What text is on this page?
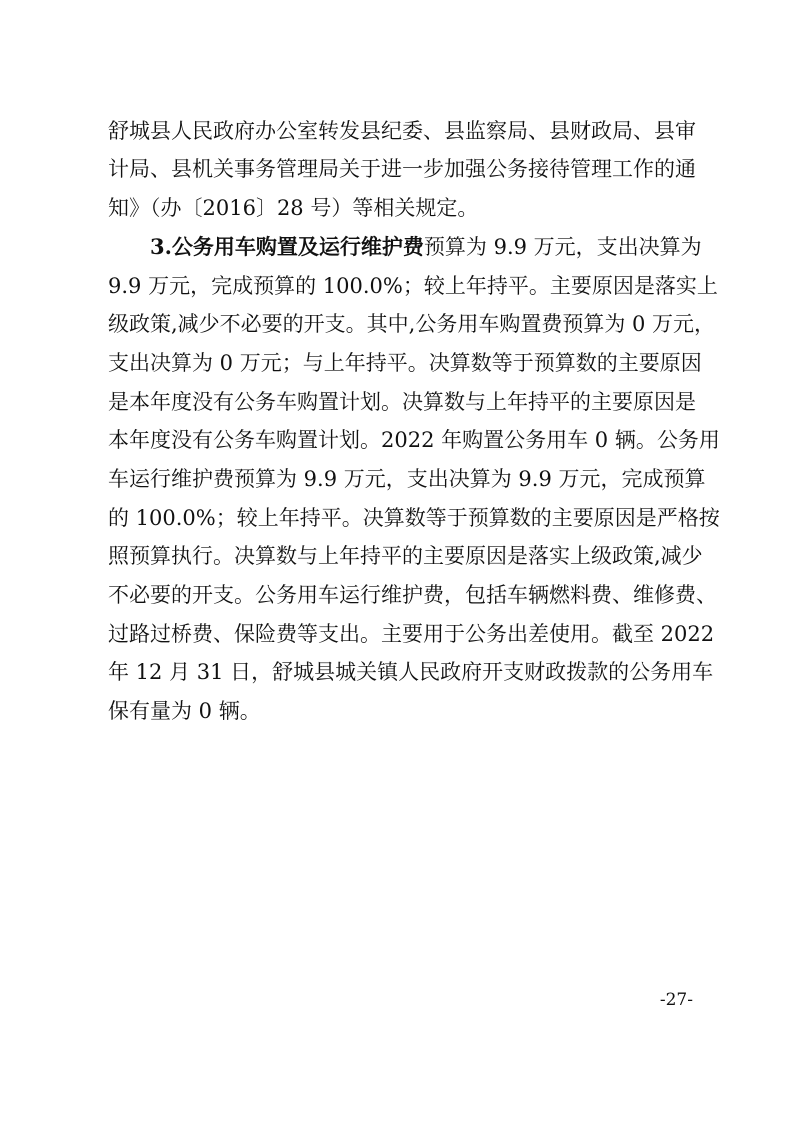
舒城县人民政府办公室转发县纪委、县监察局、县财政局、县审
计局、县机关事务管理局关于进一步加强公务接待管理工作的通
知》（办〔2016〕28 号）等相关规定。
3.公务用车购置及运行维护费预算为 9.9 万元，支出决算为
9.9 万元，完成预算的 100.0%；较上年持平。主要原因是落实上
级政策,减少不必要的开支。其中,公务用车购置费预算为 0 万元，
支出决算为 0 万元；与上年持平。决算数等于预算数的主要原因
是本年度没有公务车购置计划。决算数与上年持平的主要原因是
本年度没有公务车购置计划。2022 年购置公务用车 0 辆。公务用
车运行维护费预算为 9.9 万元，支出决算为 9.9 万元，完成预算
的 100.0%；较上年持平。决算数等于预算数的主要原因是严格按
照预算执行。决算数与上年持平的主要原因是落实上级政策,减少
不必要的开支。公务用车运行维护费，包括车辆燃料费、维修费、
过路过桥费、保险费等支出。主要用于公务出差使用。截至 2022
年 12 月 31 日，舒城县城关镇人民政府开支财政拨款的公务用车
保有量为 0 辆。
-27-
